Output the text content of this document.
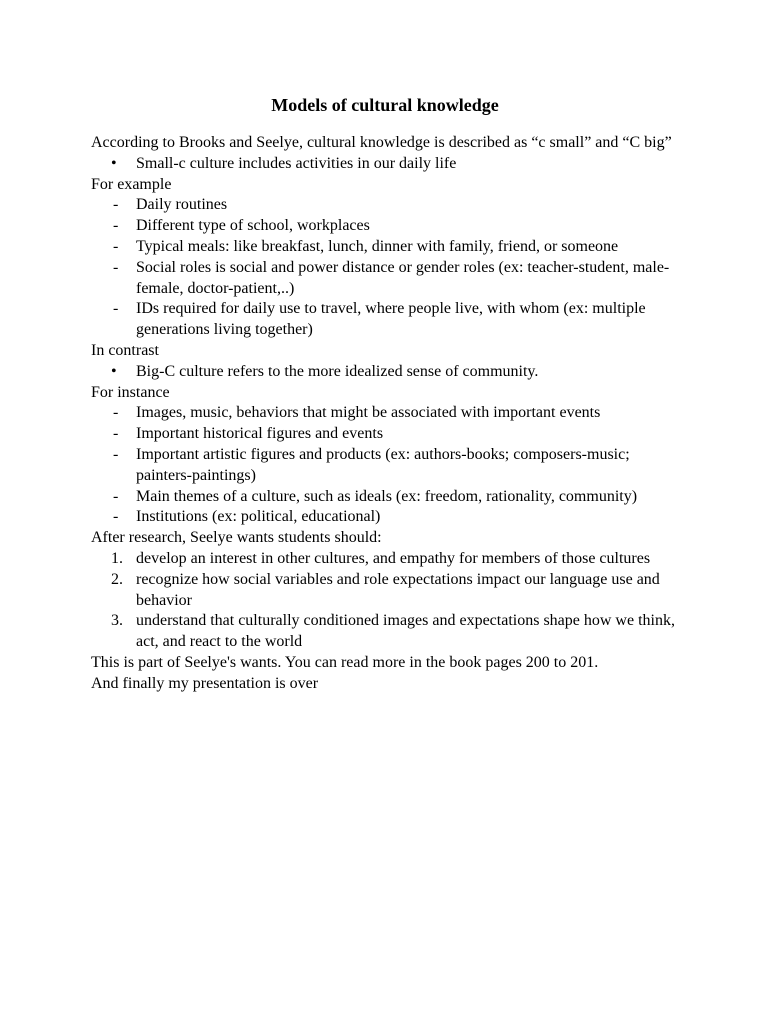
Models of cultural knowledge

According to Brooks and Seelye, cultural knowledge is described as “c small” and “C big”

•	Small-c culture includes activities in our daily life

For example

-	Daily routines
-	Different type of school, workplaces
-	Typical meals: like breakfast, lunch, dinner with family, friend, or someone
-	Social roles is social and power distance or gender roles (ex: teacher-student, male-female, doctor-patient,..)
-	IDs required for daily use to travel, where people live, with whom (ex: multiple generations living together)

In contrast

•	Big-C culture refers to the more idealized sense of community.

For instance

-	Images, music, behaviors that might be associated with important events
-	Important historical figures and events
-	Important artistic figures and products (ex: authors-books; composers-music; painters-paintings)
-	Main themes of a culture, such as ideals (ex: freedom, rationality, community)
-	Institutions (ex: political, educational)

After research, Seelye wants students should:

1. develop an interest in other cultures, and empathy for members of those cultures
2. recognize how social variables and role expectations impact our language use and behavior
3. understand that culturally conditioned images and expectations shape how we think, act, and react to the world

This is part of Seelye's wants. You can read more in the book pages 200 to 201.

And finally my presentation is over
